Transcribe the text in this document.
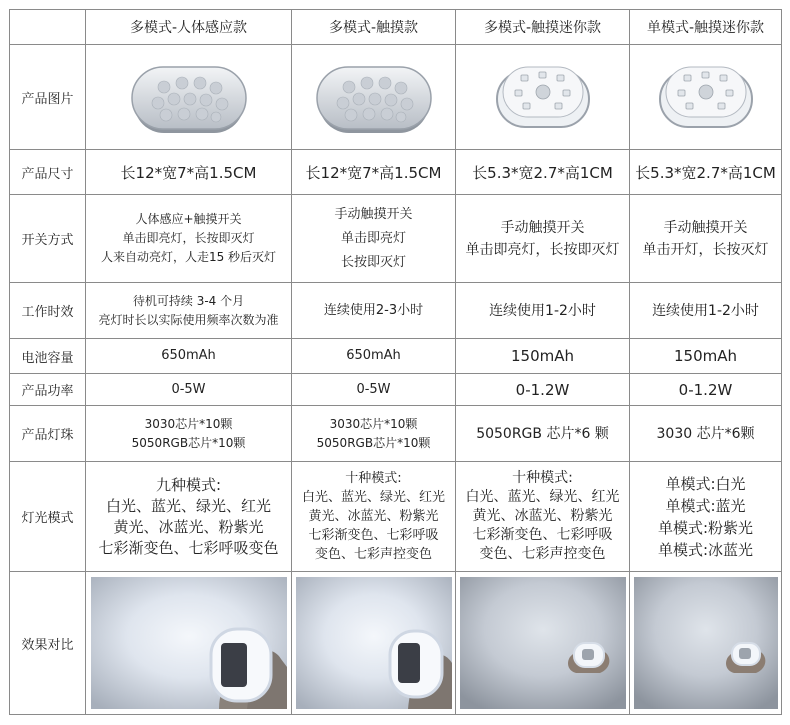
	多模式-人体感应款	多模式-触摸款	多模式-触摸迷你款	单模式-触摸迷你款
产品图片	

产品尺寸	长12*宽7*高1.5CM	长12*宽7*高1.5CM	长5.3*宽2.7*高1CM	长5.3*宽2.7*高1CM
开关方式	人体感应+触摸开关
单击即亮灯，长按即灭灯
人来自动亮灯，人走15 秒后灭灯	手动触摸开关
单击即亮灯
长按即灭灯	手动触摸开关
单击即亮灯，长按即灭灯	手动触摸开关
单击开灯，长按灭灯

工作时效	待机可持续 3-4 个月
亮灯时长以实际使用频率次数为准	连续使用2-3小时	连续使用1-2小时	连续使用1-2小时
电池容量	650mAh	650mAh	150mAh	150mAh
产品功率	0-5W	0-5W	0-1.2W	0-1.2W
产品灯珠	3030芯片*10颗
5050RGB芯片*10颗	3030芯片*10颗
5050RGB芯片*10颗	5050RGB 芯片*6 颗	3030 芯片*6颗
灯光模式	九种模式:
白光、蓝光、绿光、红光
黄光、冰蓝光、粉紫光
七彩渐变色、七彩呼吸变色	十种模式:
白光、蓝光、绿光、红光
黄光、冰蓝光、粉紫光
七彩渐变色、七彩呼吸
变色、七彩声控变色	十种模式:
白光、蓝光、绿光、红光
黄光、冰蓝光、粉紫光
七彩渐变色、七彩呼吸
变色、七彩声控变色	单模式:白光
单模式:蓝光
单模式:粉紫光
单模式:冰蓝光

效果对比	
